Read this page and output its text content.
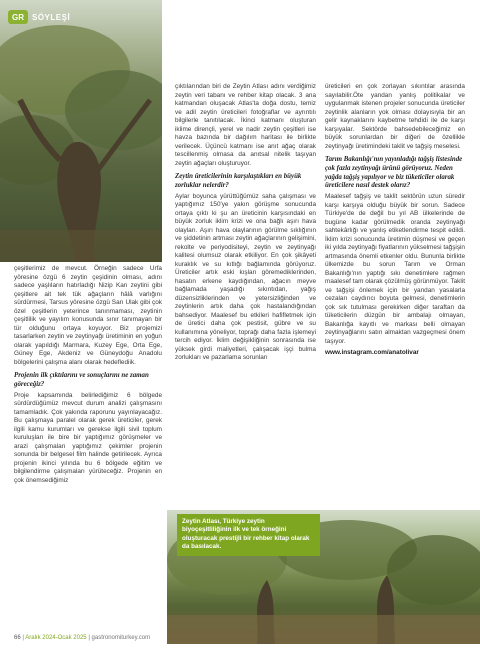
GR	SÖYLEŞİ

çeşitlerimiz de mevcut. Örneğin sadece Urfa yöresine özgü 6 zeytin çeşidinin olması, adını sadece yaşlıların hatırladığı Nizip Kan zeytini gibi çeşitlere ait tek tük ağaçların hâlâ varlığını sürdürmesi, Tarsus yöresine özgü Sarı Ulak gibi çok özel çeşitlerin yeterince tanınmaması, zeytinin çeşitlilik ve yayılım konusunda sınır tanımayan bir tür olduğunu ortaya koyuyor. Biz projemizi tasarlarken zeytin ve zeytinyağı üretiminin en yoğun olarak yapıldığı Marmara, Kuzey Ege, Orta Ege, Güney Ege, Akdeniz ve Güneydoğu Anadolu bölgelerini çalışma alanı olarak hedeflediik.

Projenin ilk çıktılarını ve sonuçlarını ne zaman göreceğiz?

Proje kapsamında belirlediğimiz 6 bölgede sürdürdüğümüz mevcut durum analizi çalışmasını tamamladık. Çok yakında raporunu yayınlayacağız. Bu çalışmaya paralel olarak gerek üreticiler, gerek ilgili kamu kurumları ve gerekse ilgili sivil toplum kuruluşları ile bire bir yaptığımız görüşmeler ve arazi çalışmaları yaptığımız çekimler projenin sonunda bir belgesel film halinde getirilecek. Ayrıca projenin ikinci yılında bu 6 bölgede eğitim ve bilgilendirme çalışmaları yürüteceğiz. Projenin en çok önemsediğimiz

çıktılarından biri de Zeytin Atlası adını verdiğimiz zeytin veri tabanı ve rehber kitap olacak. 3 ana katmandan oluşacak Atlas'ta doğa dostu, temiz ve adil zeytin üreticileri fotoğraflar ve ayrıntılı bilgilerle tanıtılacak. İkinci katmanı oluşturan iklime dirençli, yerel ve nadir zeytin çeşitleri ise havza bazında bir dağılım haritası ile birlikte verilecek. Üçüncü katmanı ise anıt ağaç olarak tescillenmiş olmasa da anıtsal nitelik taşıyan zeytin ağaçları oluşturuyor.

Zeytin üreticilerinin karşılaştıkları en büyük zorluklar nelerdir?

Aylar boyunca yürüttüğümüz saha çalışması ve yaptığımız 150'ye yakın görüşme sonucunda ortaya çıktı ki şu an üreticinin karşısındaki en büyük zorluk iklim krizi ve ona bağlı aşırı hava olayları. Aşırı hava olaylarının görülme sıklığının ve şiddetinin artması zeytin ağaçlarının gelişimini, rekolte ve periyodisiteyi, zeytin ve zeytinyağı kalitesi olumsuz olarak etkiliyor. En çok şikâyeti kuraklık ve su kıtlığı bağlamında görüyoruz. Üreticiler artık eski kışları göremediklerinden, hasatın erkene kaydığından, ağacın meyve bağlamada yaşadığı sıkıntıdan, yağış düzensizliklerinden ve yetersizliğinden ve zeytinlerin artık daha çok hastalandığından bahsediyor. Maalesef bu etkileri hafifletmek için de üretici daha çok pestisit, gübre ve su kullanımına yöneliyor, toprağı daha fazla işlemeyi tercih ediyor. İklim değişikliğinin sonrasında ise yüksek girdi maliyetleri, çalışacak işçi bulma zorlukları ve pazarlama sorunları

üreticileri en çok zorlayan sıkıntılar arasında sayılabilir.Öte yandan yanlış politikalar ve uygulanmak istenen projeler sonucunda üreticiler zeytinlik alanların yok olması dolayısıyla bir an gelir kaynaklarını kaybetme tehdidi ile de karşı karşıyalar. Sektörde bahsedebileceğimiz en büyük sorunlardan bir diğeri de özellikle zeytinyağı üretimindeki taklit ve tağşiş meselesi.

Tarım Bakanlığı'nın yayınladığı tağşiş listesinde çok fazla zeytinyağı ürünü görüyoruz. Neden yağda tağşiş yapılıyor ve biz tüketiciler olarak üreticilere nasıl destek olarız?

Maalesef tağşiş ve taklit sektörün uzun süredir karşı karşıya olduğu büyük bir sorun. Sadece Türkiye'de de değil bu yıl AB ülkelerinde de bugüne kadar görülmedik oranda zeytinyağı sahtekârlığı ve yanlış etiketlendirme tespit edildi. İklim krizi sonucunda üretimin düşmesi ve geçen iki yılda zeytinyağı fiyatlarının yükselmesi tağşişin artmasında önemli etkenler oldu. Bununla birlikte ülkemizde bu sorun Tarım ve Orman Bakanlığı'nın yaptığı sıkı denetimlere rağmen maalesef tam olarak çözülmüş görünmüyor. Taklit ve tağşişi önlemek için bir yandan yasalarla cezaları caydırıcı boyuta gelmesi, denetimlerin çok sık tutulması gerekirken diğer taraftan da tüketicilerin düzgün bir ambalajı olmayan, Bakanlığa kayıtlı ve markası belli olmayan zeytinyağlarını satın almaktan vazgeçmesi önem taşıyor.

www.instagram.com/anatolivar

Zeytin Atlası, Türkiye zeytin biyoçeşitliliğinin ilk ve tek örneğini oluşturacak prestijli bir rehber kitap olarak da basılacak.
66 | Aralık 2024-Ocak 2025 | gastronomiturkey.com
